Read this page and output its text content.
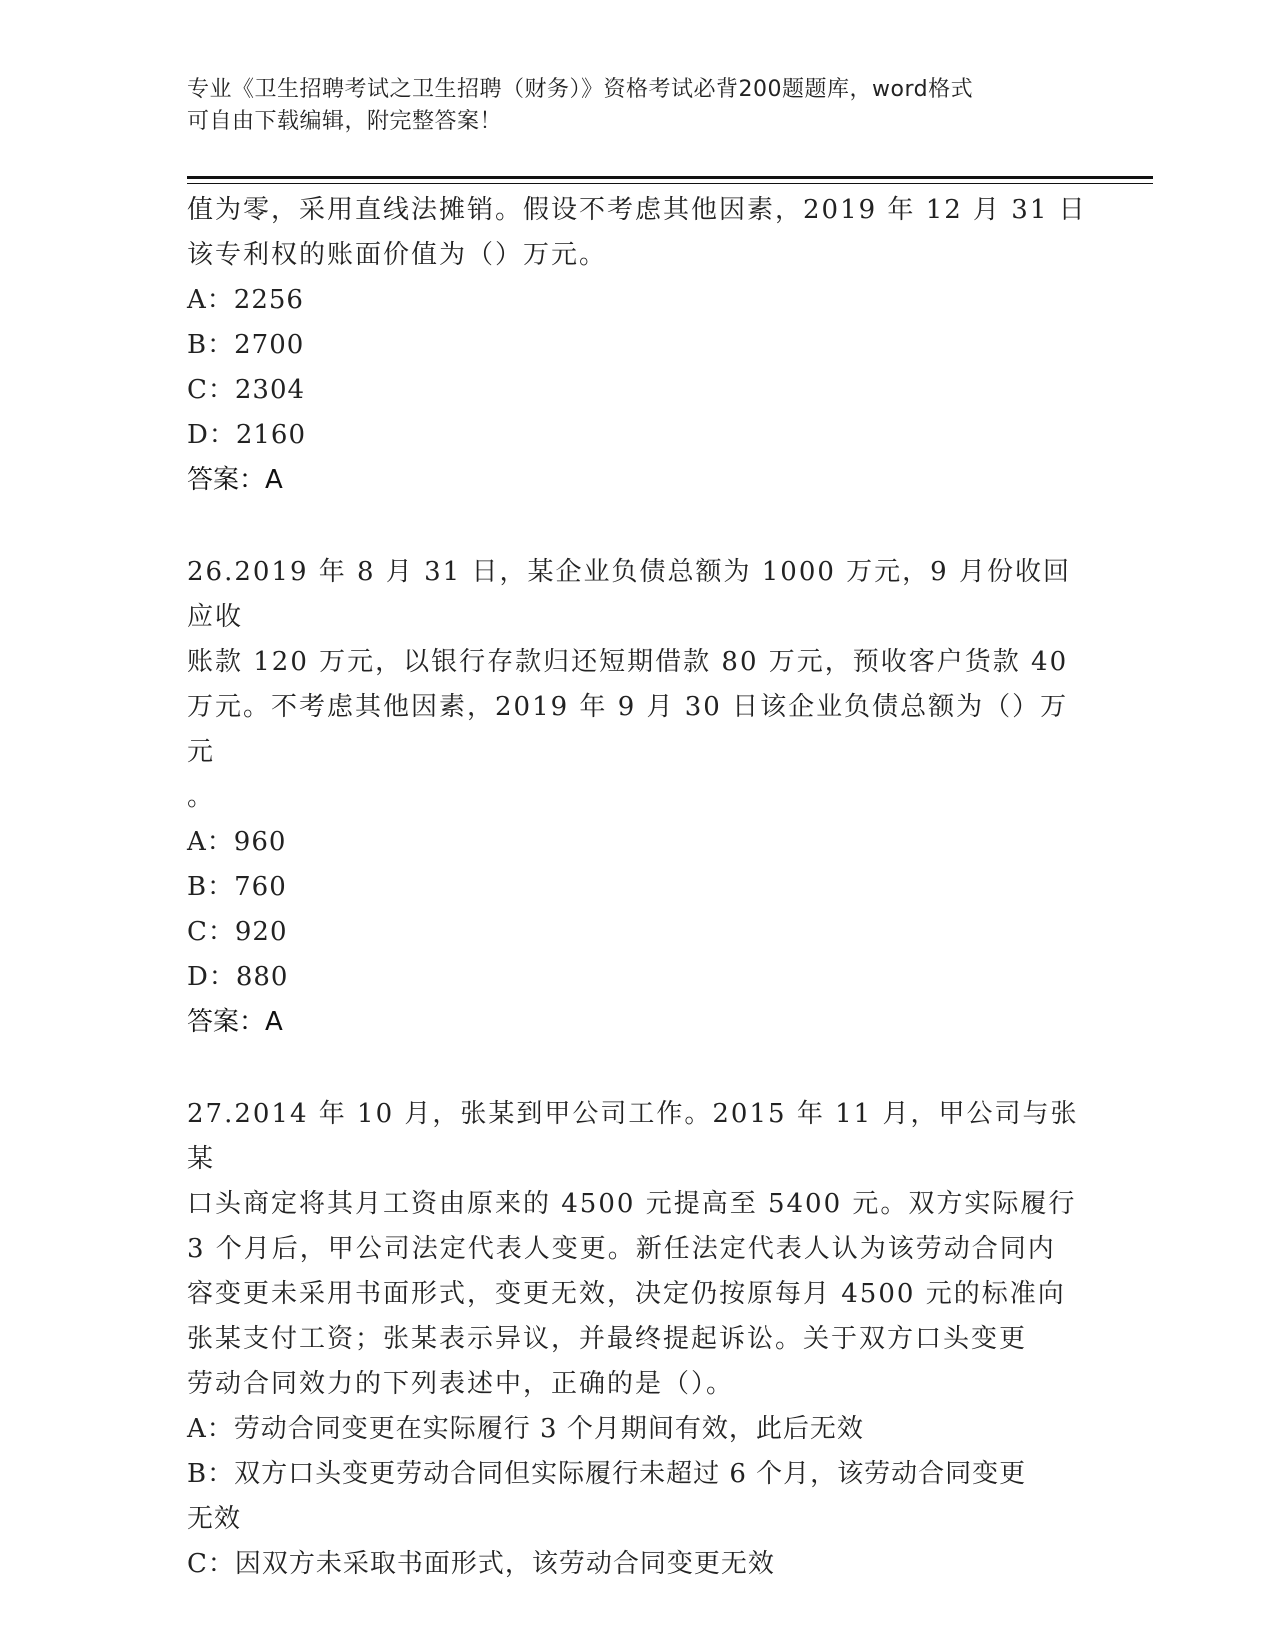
专业《卫生招聘考试之卫生招聘（财务）》资格考试必背200题题库，word格式
可自由下载编辑，附完整答案！

值为零，采用直线法摊销。假设不考虑其他因素，2019 年 12 月 31 日

该专利权的账面价值为（）万元。

A：2256

B：2700

C：2304

D：2160

答案：A

26.2019 年 8 月 31 日，某企业负债总额为 1000 万元，9 月份收回应收

账款 120 万元，以银行存款归还短期借款 80 万元，预收客户货款 40

万元。不考虑其他因素，2019 年 9 月 30 日该企业负债总额为（）万元

。

A：960

B：760

C：920

D：880

答案：A

27.2014 年 10 月，张某到甲公司工作。2015 年 11 月，甲公司与张某

口头商定将其月工资由原来的 4500 元提高至 5400 元。双方实际履行

3 个月后，甲公司法定代表人变更。新任法定代表人认为该劳动合同内

容变更未采用书面形式，变更无效，决定仍按原每月 4500 元的标准向

张某支付工资；张某表示异议，并最终提起诉讼。关于双方口头变更

劳动合同效力的下列表述中，正确的是（）。

A：劳动合同变更在实际履行 3 个月期间有效，此后无效

B：双方口头变更劳动合同但实际履行未超过 6 个月，该劳动合同变更

无效

C：因双方未采取书面形式，该劳动合同变更无效
